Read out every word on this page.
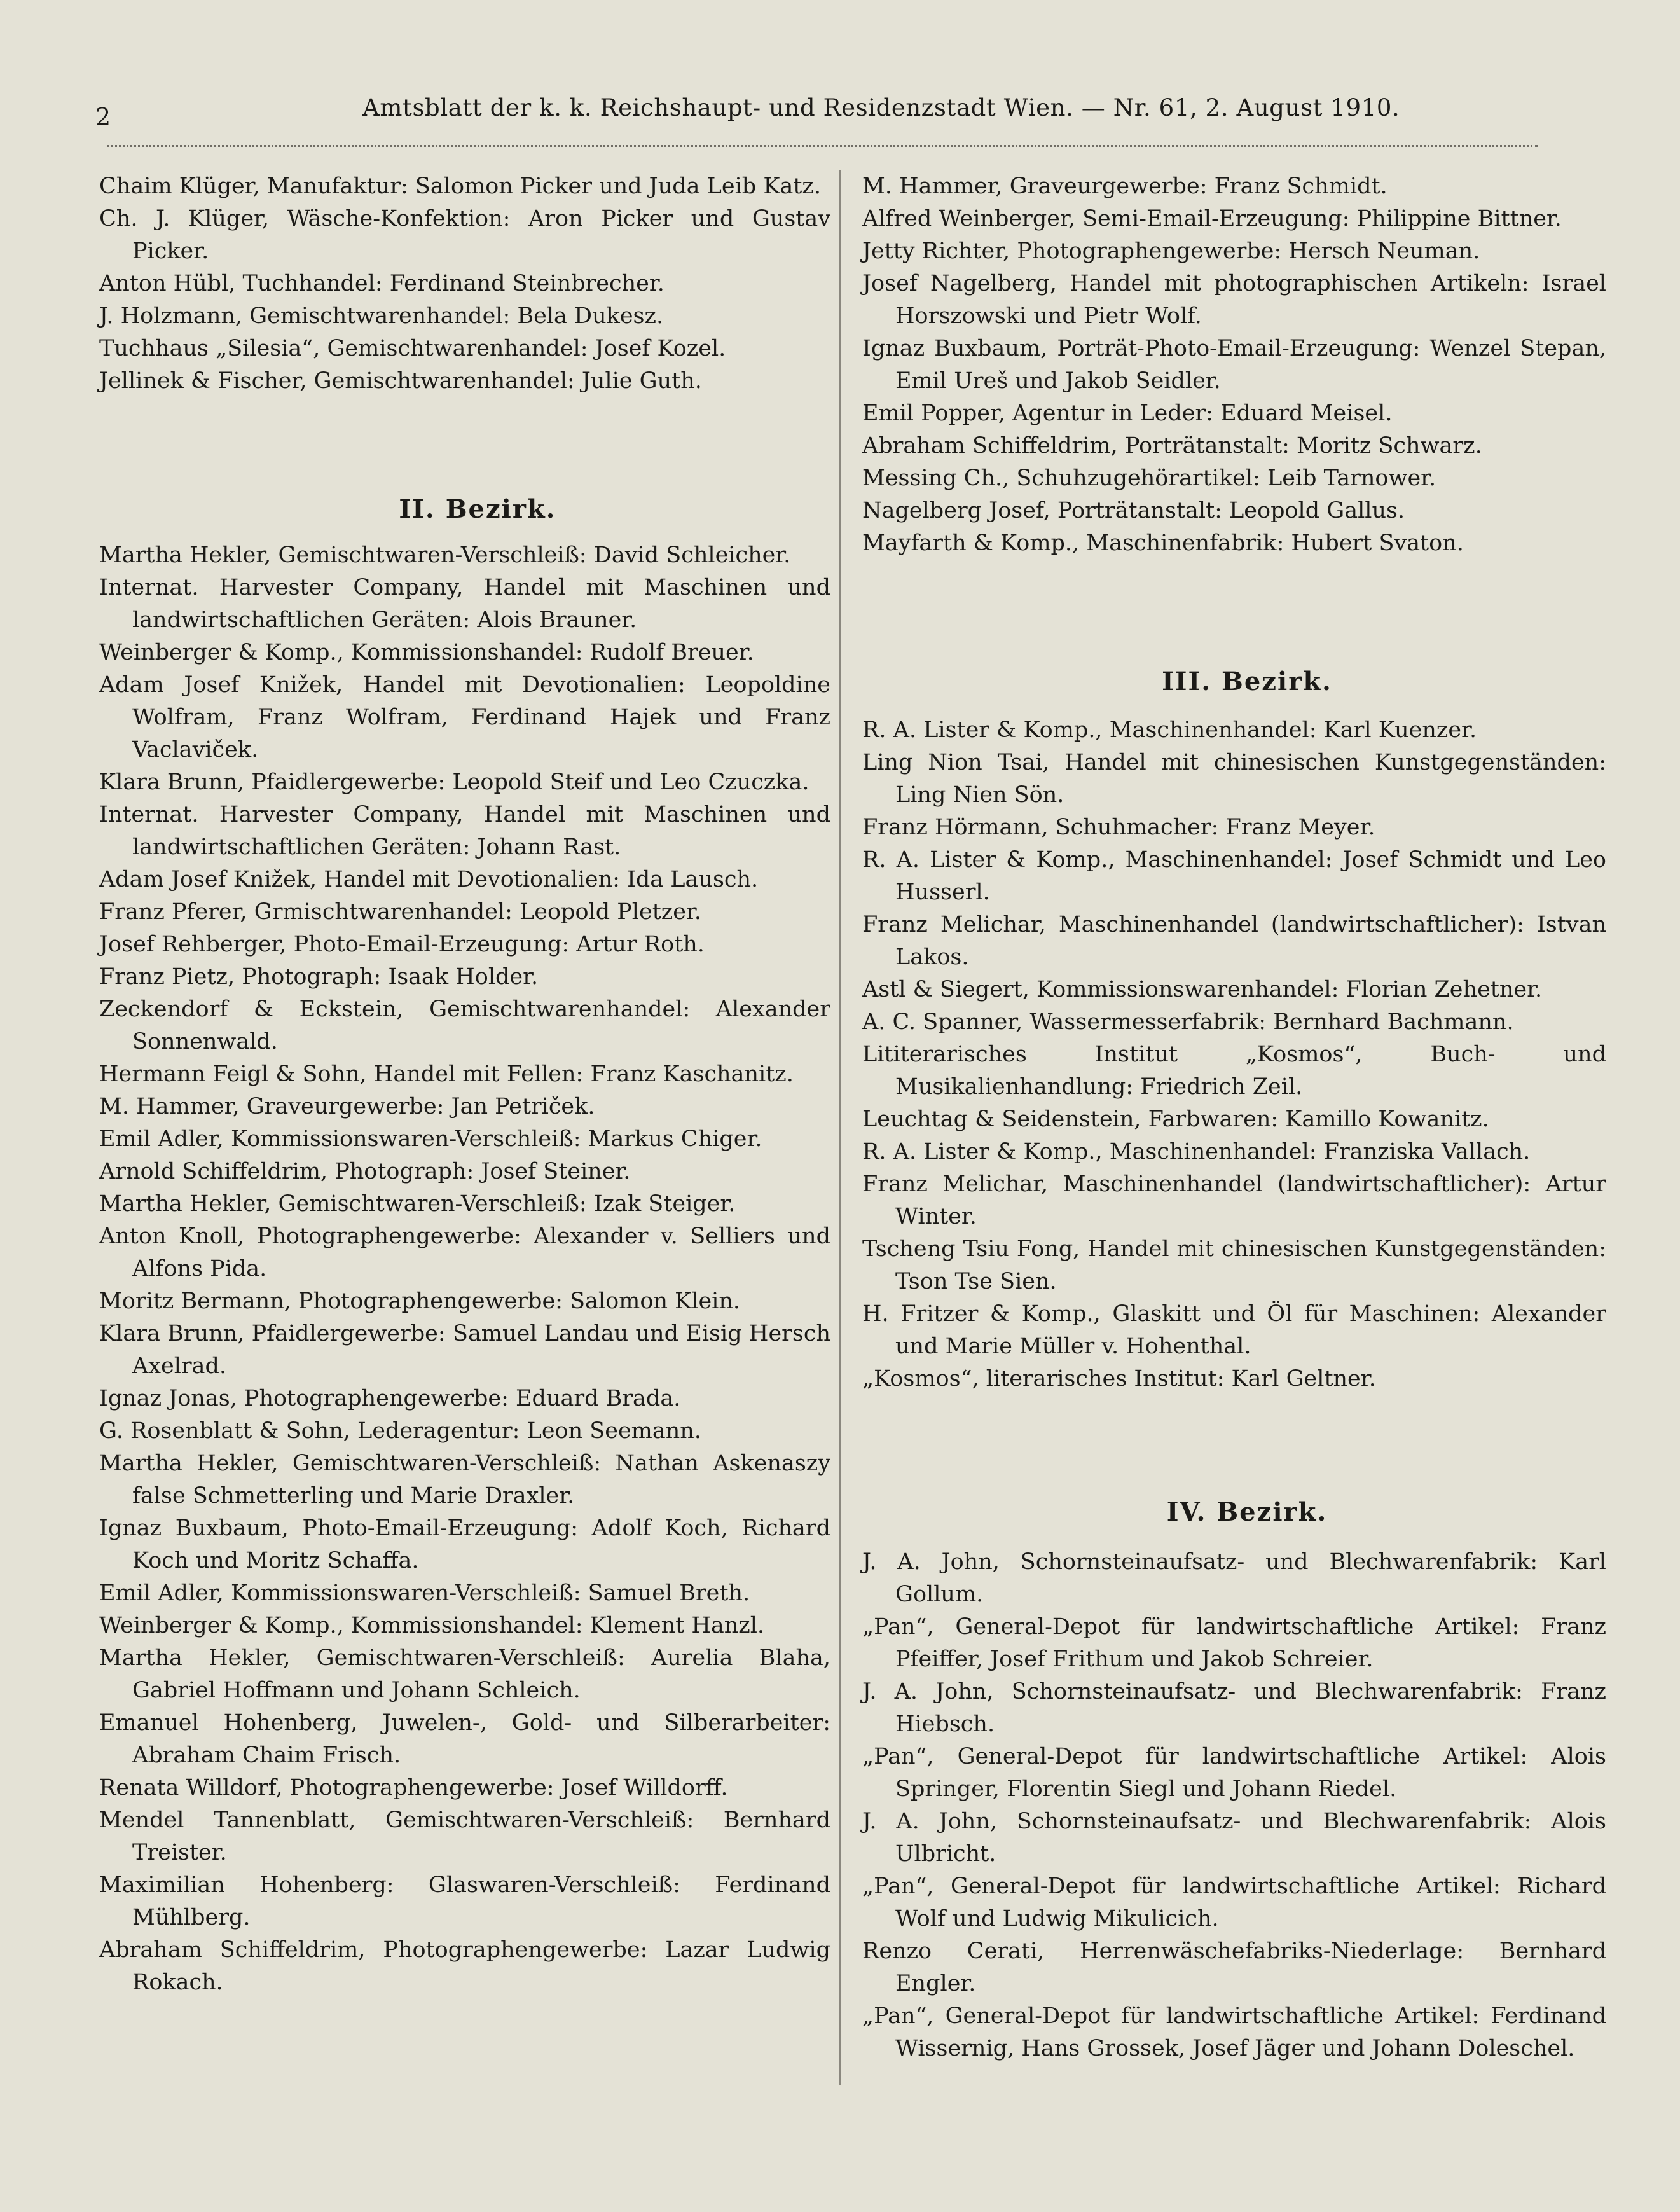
2	Amtsblatt der k. k. Reichshaupt- und Residenzstadt Wien. — Nr. 61, 2. August 1910.

Chaim Klüger, Manufaktur: Salomon Picker und Juda Leib Katz.

Ch. J. Klüger, Wäsche-Konfektion: Aron Picker und Gustav Picker.

Anton Hübl, Tuchhandel: Ferdinand Steinbrecher.

J. Holzmann, Gemischtwarenhandel: Bela Dukesz.

Tuchhaus „Silesia“, Gemischtwarenhandel: Josef Kozel.

Jellinek & Fischer, Gemischtwarenhandel: Julie Guth.

II. Bezirk.

Martha Hekler, Gemischtwaren-Verschleiß: David Schleicher.

Internat. Harvester Company, Handel mit Maschinen und landwirtschaftlichen Geräten: Alois Brauner.

Weinberger & Komp., Kommissionshandel: Rudolf Breuer.

Adam Josef Knižek, Handel mit Devotionalien: Leopoldine Wolfram, Franz Wolfram, Ferdinand Hajek und Franz Vaclaviček.

Klara Brunn, Pfaidlergewerbe: Leopold Steif und Leo Czuczka.

Internat. Harvester Company, Handel mit Maschinen und landwirtschaftlichen Geräten: Johann Rast.

Adam Josef Knižek, Handel mit Devotionalien: Ida Lausch.

Franz Pferer, Grmischtwarenhandel: Leopold Pletzer.

Josef Rehberger, Photo-Email-Erzeugung: Artur Roth.

Franz Pietz, Photograph: Isaak Holder.

Zeckendorf & Eckstein, Gemischtwarenhandel: Alexander Sonnenwald.

Hermann Feigl & Sohn, Handel mit Fellen: Franz Kaschanitz.

M. Hammer, Graveurgewerbe: Jan Petriček.

Emil Adler, Kommissionswaren-Verschleiß: Markus Chiger.

Arnold Schiffeldrim, Photograph: Josef Steiner.

Martha Hekler, Gemischtwaren-Verschleiß: Izak Steiger.

Anton Knoll, Photographengewerbe: Alexander v. Selliers und Alfons Pida.

Moritz Bermann, Photographengewerbe: Salomon Klein.

Klara Brunn, Pfaidlergewerbe: Samuel Landau und Eisig Hersch Axelrad.

Ignaz Jonas, Photographengewerbe: Eduard Brada.

G. Rosenblatt & Sohn, Lederagentur: Leon Seemann.

Martha Hekler, Gemischtwaren-Verschleiß: Nathan Askenaszy false Schmetterling und Marie Draxler.

Ignaz Buxbaum, Photo-Email-Erzeugung: Adolf Koch, Richard Koch und Moritz Schaffa.

Emil Adler, Kommissionswaren-Verschleiß: Samuel Breth.

Weinberger & Komp., Kommissionshandel: Klement Hanzl.

Martha Hekler, Gemischtwaren-Verschleiß: Aurelia Blaha, Gabriel Hoffmann und Johann Schleich.

Emanuel Hohenberg, Juwelen-, Gold- und Silberarbeiter: Abraham Chaim Frisch.

Renata Willdorf, Photographengewerbe: Josef Willdorff.

Mendel Tannenblatt, Gemischtwaren-Verschleiß: Bernhard Treister.

Maximilian Hohenberg: Glaswaren-Verschleiß: Ferdinand Mühlberg.

Abraham Schiffeldrim, Photographengewerbe: Lazar Ludwig Rokach.

M. Hammer, Graveurgewerbe: Franz Schmidt.

Alfred Weinberger, Semi-Email-Erzeugung: Philippine Bittner.

Jetty Richter, Photographengewerbe: Hersch Neuman.

Josef Nagelberg, Handel mit photographischen Artikeln: Israel Horszowski und Pietr Wolf.

Ignaz Buxbaum, Porträt-Photo-Email-Erzeugung: Wenzel Stepan, Emil Ureš und Jakob Seidler.

Emil Popper, Agentur in Leder: Eduard Meisel.

Abraham Schiffeldrim, Porträtanstalt: Moritz Schwarz.

Messing Ch., Schuhzugehörartikel: Leib Tarnower.

Nagelberg Josef, Porträtanstalt: Leopold Gallus.

Mayfarth & Komp., Maschinenfabrik: Hubert Svaton.

III. Bezirk.

R. A. Lister & Komp., Maschinenhandel: Karl Kuenzer.

Ling Nion Tsai, Handel mit chinesischen Kunstgegenständen: Ling Nien Sön.

Franz Hörmann, Schuhmacher: Franz Meyer.

R. A. Lister & Komp., Maschinenhandel: Josef Schmidt und Leo Husserl.

Franz Melichar, Maschinenhandel (landwirtschaftlicher): Istvan Lakos.

Astl & Siegert, Kommissionswarenhandel: Florian Zehetner.

A. C. Spanner, Wassermesserfabrik: Bernhard Bachmann.

Lititerarisches Institut „Kosmos“, Buch- und Musikalienhandlung: Friedrich Zeil.

Leuchtag & Seidenstein, Farbwaren: Kamillo Kowanitz.

R. A. Lister & Komp., Maschinenhandel: Franziska Vallach.

Franz Melichar, Maschinenhandel (landwirtschaftlicher): Artur Winter.

Tscheng Tsiu Fong, Handel mit chinesischen Kunstgegenständen: Tson Tse Sien.

H. Fritzer & Komp., Glaskitt und Öl für Maschinen: Alexander und Marie Müller v. Hohenthal.

„Kosmos“, literarisches Institut: Karl Geltner.

IV. Bezirk.

J. A. John, Schornsteinaufsatz- und Blechwarenfabrik: Karl Gollum.

„Pan“, General-Depot für landwirtschaftliche Artikel: Franz Pfeiffer, Josef Frithum und Jakob Schreier.

J. A. John, Schornsteinaufsatz- und Blechwarenfabrik: Franz Hiebsch.

„Pan“, General-Depot für landwirtschaftliche Artikel: Alois Springer, Florentin Siegl und Johann Riedel.

J. A. John, Schornsteinaufsatz- und Blechwarenfabrik: Alois Ulbricht.

„Pan“, General-Depot für landwirtschaftliche Artikel: Richard Wolf und Ludwig Mikulicich.

Renzo Cerati, Herrenwäschefabriks-Niederlage: Bernhard Engler.

„Pan“, General-Depot für landwirtschaftliche Artikel: Ferdinand Wissernig, Hans Grossek, Josef Jäger und Johann Doleschel.
